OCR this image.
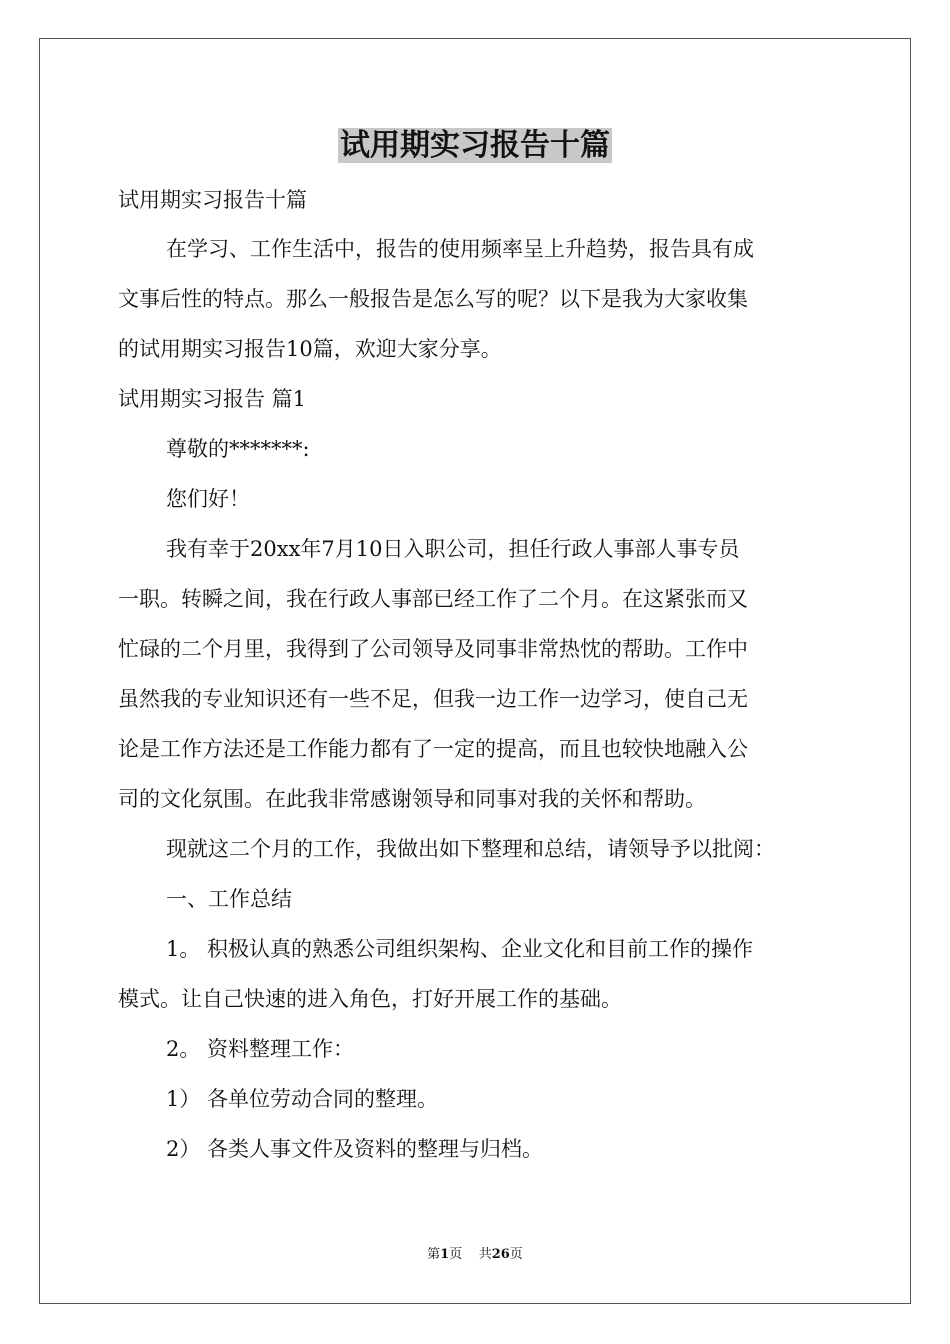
试用期实习报告十篇

试用期实习报告十篇

在学习、工作生活中，报告的使用频率呈上升趋势，报告具有成

文事后性的特点。那么一般报告是怎么写的呢？以下是我为大家收集

的试用期实习报告10篇，欢迎大家分享。

试用期实习报告 篇1

尊敬的*******:

您们好！

我有幸于20xx年7月10日入职公司，担任行政人事部人事专员

一职。转瞬之间，我在行政人事部已经工作了二个月。在这紧张而又

忙碌的二个月里，我得到了公司领导及同事非常热忱的帮助。工作中

虽然我的专业知识还有一些不足，但我一边工作一边学习，使自己无

论是工作方法还是工作能力都有了一定的提高，而且也较快地融入公

司的文化氛围。在此我非常感谢领导和同事对我的关怀和帮助。

现就这二个月的工作，我做出如下整理和总结，请领导予以批阅：

一、工作总结

1。 积极认真的熟悉公司组织架构、企业文化和目前工作的操作

模式。让自己快速的进入角色，打好开展工作的基础。

2。 资料整理工作：

1） 各单位劳动合同的整理。

2） 各类人事文件及资料的整理与归档。

第1页 共26页
